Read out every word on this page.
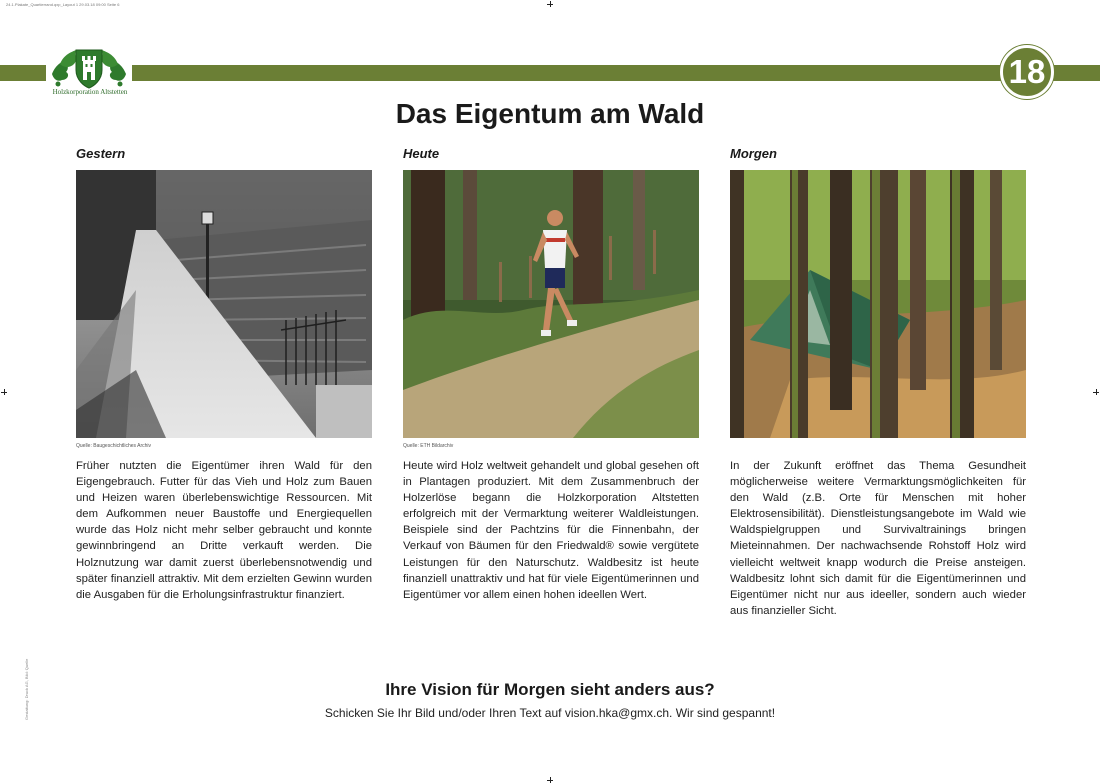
24.1.Plakate_Quartierrand.qxp_Layout 1 29.03.18 09:00 Seite 6
Holzkorporation Altstetten
18
Das Eigentum am Wald
Gestern
Quelle: Baugeschichtliches Archiv
Früher nutzten die Eigentümer ihren Wald für den Eigengebrauch. Futter für das Vieh und Holz zum Bauen und Heizen waren überlebenswichtige Ressourcen. Mit dem Aufkommen neuer Baustoffe und Energiequellen wurde das Holz nicht mehr selber gebraucht und konnte gewinnbringend an Dritte verkauft werden. Die Holznutzung war damit zuerst überlebensnotwendig und später finanziell attraktiv. Mit dem erzielten Gewinn wurden die Ausgaben für die Erholungsinfrastruktur finanziert.
Heute
Quelle: ETH Bildarchiv
Heute wird Holz weltweit gehandelt und global gesehen oft in Plantagen produziert. Mit dem Zusammenbruch der Holzerlöse begann die Holzkorporation Altstetten erfolgreich mit der Vermarktung weiterer Waldleistungen. Beispiele sind der Pachtzins für die Finnenbahn, der Verkauf von Bäumen für den Friedwald® sowie vergütete Leistungen für den Naturschutz. Waldbesitz ist heute finanziell unattraktiv und hat für viele Eigentümerinnen und Eigentümer vor allem einen hohen ideellen Wert.
Morgen
In der Zukunft eröffnet das Thema Gesundheit möglicherweise weitere Vermarktungsmöglichkeiten für den Wald (z.B. Orte für Menschen mit hoher Elektrosensibilität). Dienstleistungsangebote im Wald wie Waldspielgruppen und Survivaltrainings bringen Mieteinnahmen. Der nachwachsende Rohstoff Holz wird vielleicht weltweit knapp wodurch die Preise ansteigen. Waldbesitz lohnt sich damit für die Eigentümerinnen und Eigentümer nicht nur aus ideeller, sondern auch wieder aus finanzieller Sicht.
Ihre Vision für Morgen sieht anders aus?
Schicken Sie Ihr Bild und/oder Ihren Text auf vision.hka@gmx.ch. Wir sind gespannt!
Gestaltung: Druck AG, Bild: Quelle
